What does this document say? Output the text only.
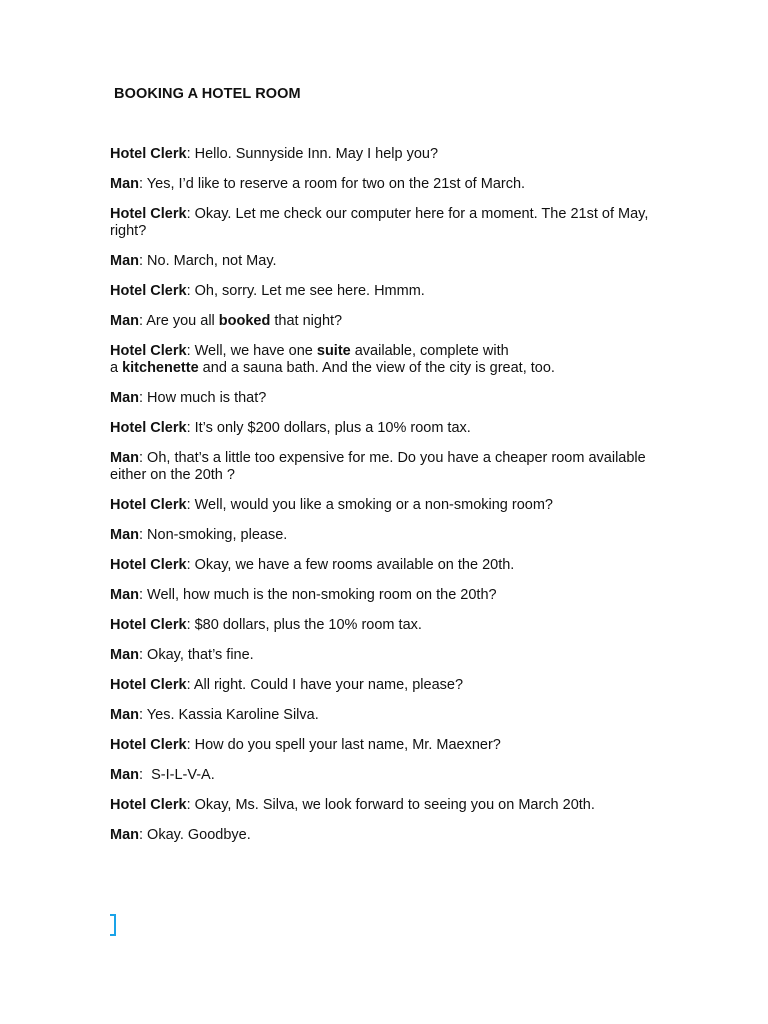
BOOKING A HOTEL ROOM

Hotel Clerk: Hello. Sunnyside Inn. May I help you?

Man: Yes, I’d like to reserve a room for two on the 21st of March.

Hotel Clerk: Okay. Let me check our computer here for a moment. The 21st of May, right?

Man: No. March, not May.

Hotel Clerk: Oh, sorry. Let me see here. Hmmm.

Man: Are you all booked that night?

Hotel Clerk: Well, we have one suite available, complete with
a kitchenette and a sauna bath. And the view of the city is great, too.

Man: How much is that?

Hotel Clerk: It’s only $200 dollars, plus a 10% room tax.

Man: Oh, that’s a little too expensive for me. Do you have a cheaper room available either on the 20th ?

Hotel Clerk: Well, would you like a smoking or a non-smoking room?

Man: Non-smoking, please.

Hotel Clerk: Okay, we have a few rooms available on the 20th.

Man: Well, how much is the non-smoking room on the 20th?

Hotel Clerk: $80 dollars, plus the 10% room tax.

Man: Okay, that’s fine.

Hotel Clerk: All right. Could I have your name, please?

Man: Yes. Kassia Karoline Silva.

Hotel Clerk: How do you spell your last name, Mr. Maexner?

Man:  S-I-L-V-A.

Hotel Clerk: Okay, Ms. Silva, we look forward to seeing you on March 20th.

Man: Okay. Goodbye.
